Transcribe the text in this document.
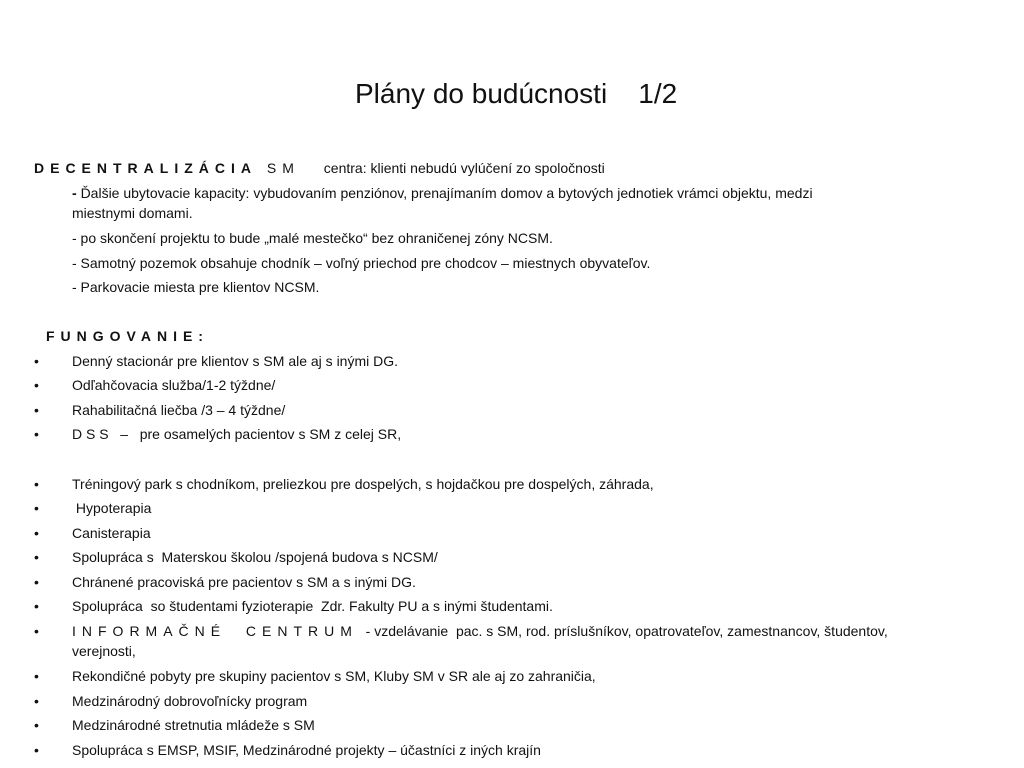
Plány do budúcnosti    1/2
DECENTRALIZÁCIA SM centra: klienti nebudú vylúčení zo spoločnosti
- Ďalšie ubytovacie kapacity: vybudovaním penziónov, prenajímaním domov a bytových jednotiek vrámci objektu, medzi
miestnymi domami.
- po skončení projektu to bude „malé mestečko“ bez ohraničenej zóny NCSM.
- Samotný pozemok obsahuje chodník – voľný priechod pre chodcov – miestnych obyvateľov.
- Parkovacie miesta pre klientov NCSM.
FUNGOVANIE:
•	Denný stacionár pre klientov s SM ale aj s inými DG.
•	Odľahčovacia služba/1-2 týždne/
•	Rahabilitačná liečba /3 – 4 týždne/
•	D S S   –   pre osamelých pacientov s SM z celej SR,
•	Tréningový park s chodníkom, preliezkou pre dospelých, s hojdačkou pre dospelých, záhrada,
•	Hypoterapia
•	Canisterapia
•	Spolupráca s  Materskou školou /spojená budova s NCSM/
•	Chránené pracoviská pre pacientov s SM a s inými DG.
•	Spolupráca  so študentami fyzioterapie  Zdr. Fakulty PU a s inými študentami.
•	INFORMAČNÉ  CENTRUM  - vzdelávanie  pac. s SM, rod. príslušníkov, opatrovateľov, zamestnancov, študentov,
verejnosti,
•	Rekondičné pobyty pre skupiny pacientov s SM, Kluby SM v SR ale aj zo zahraničia,
•	Medzinárodný dobrovoľnícky program
•	Medzinárodné stretnutia mládeže s SM
•	Spolupráca s EMSP, MSIF, Medzinárodné projekty – účastníci z iných krajín
